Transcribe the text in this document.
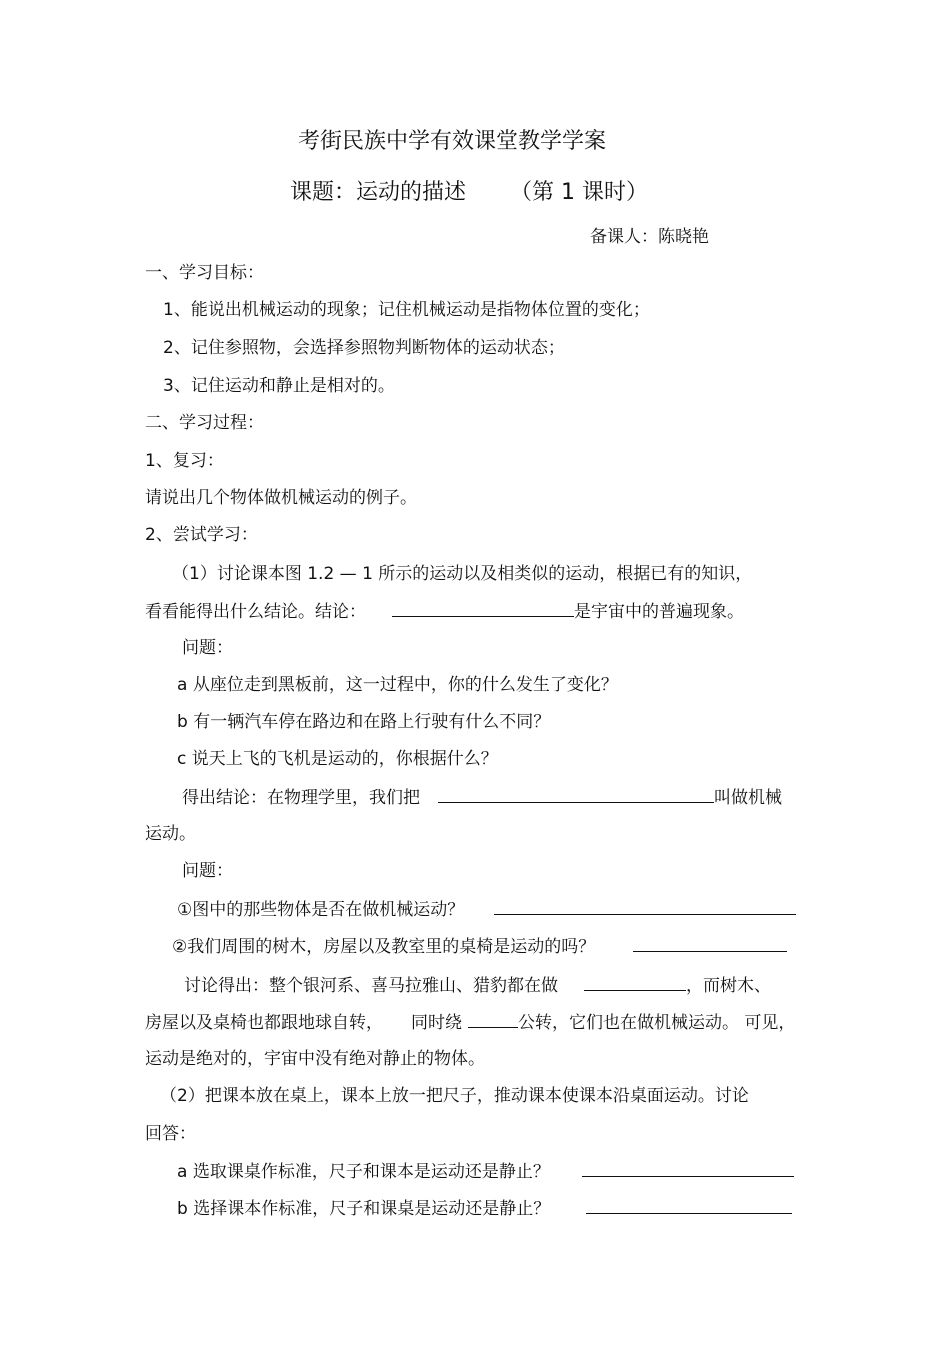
考街民族中学有效课堂教学学案
课题：运动的描述 （第 1 课时）
备课人：陈晓艳
一、学习目标：
1、能说出机械运动的现象；记住机械运动是指物体位置的变化；
2、记住参照物，会选择参照物判断物体的运动状态；
3、记住运动和静止是相对的。
二、学习过程：
1、复习：
请说出几个物体做机械运动的例子。
2、尝试学习：
（1）讨论课本图 1.2 — 1 所示的运动以及相类似的运动，根据已有的知识，
看看能得出什么结论。结论：	是宇宙中的普遍现象。
问题：
a 从座位走到黑板前，这一过程中，你的什么发生了变化？
b 有一辆汽车停在路边和在路上行驶有什么不同？
c 说天上飞的飞机是运动的，你根据什么？
得出结论：在物理学里，我们把	叫做机械
运动。
问题：
①图中的那些物体是否在做机械运动？
②我们周围的树木，房屋以及教室里的桌椅是运动的吗？
讨论得出：整个银河系、喜马拉雅山、猎豹都在做	，而树木、
房屋以及桌椅也都跟地球自转， 同时绕	公转，它们也在做机械运动。 可见，
运动是绝对的，宇宙中没有绝对静止的物体。
（2）把课本放在桌上，课本上放一把尺子，推动课本使课本沿桌面运动。讨论
回答：
a 选取课桌作标准，尺子和课本是运动还是静止？
b 选择课本作标准，尺子和课桌是运动还是静止？
